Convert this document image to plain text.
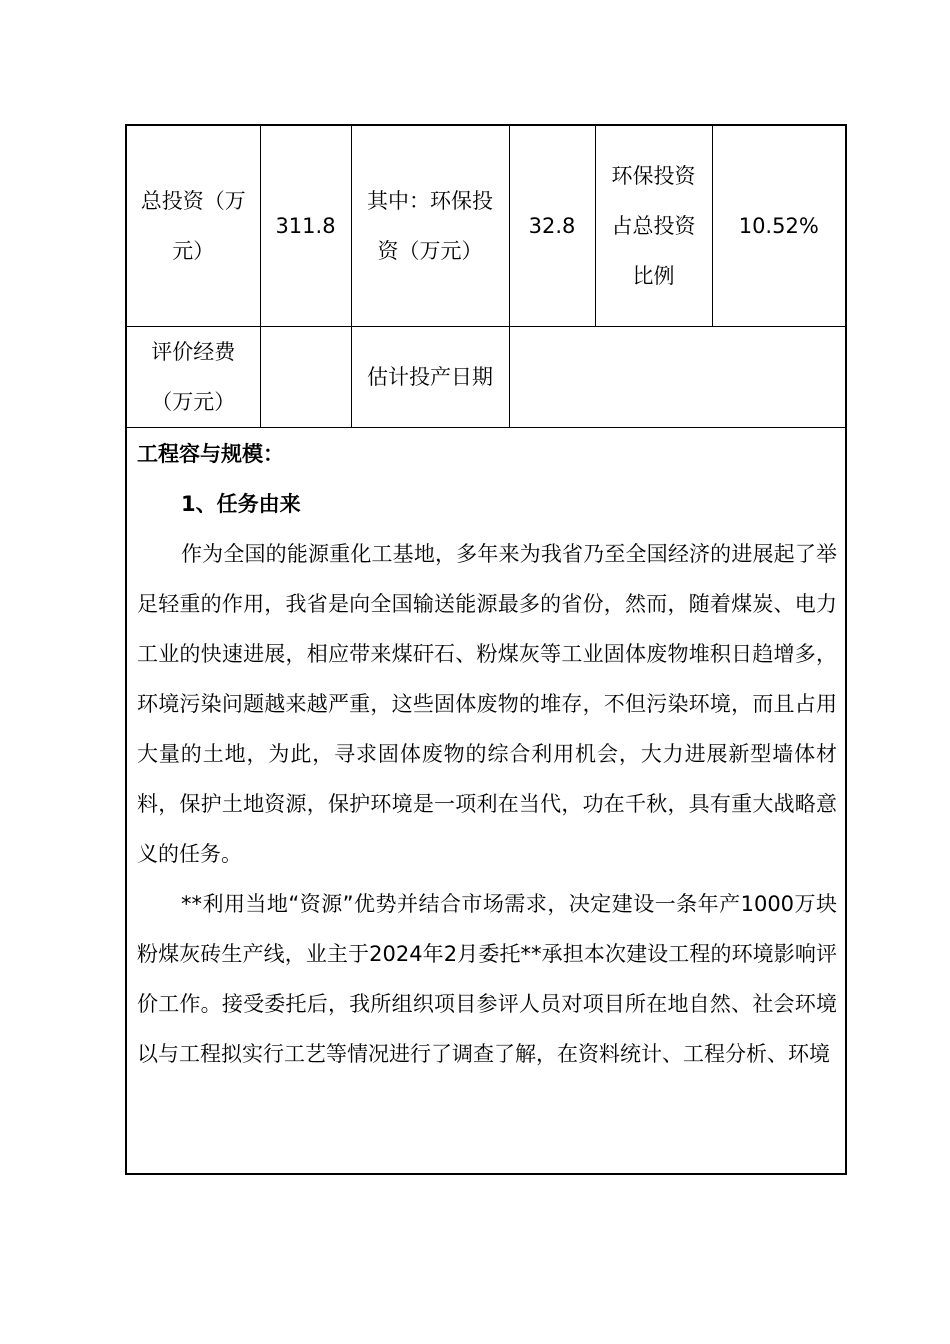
总投资（万元）	311.8	其中：环保投资（万元）	32.8	环保投资占总投资比例	10.52%

评价经费（万元）		估计投产日期			

工程容与规模：

1、任务由来

作为全国的能源重化工基地，多年来为我省乃至全国经济的进展起了举足轻重的作用，我省是向全国输送能源最多的省份，然而，随着煤炭、电力工业的快速进展，相应带来煤矸石、粉煤灰等工业固体废物堆积日趋增多，环境污染问题越来越严重，这些固体废物的堆存，不但污染环境，而且占用大量的土地，为此，寻求固体废物的综合利用机会，大力进展新型墙体材料，保护土地资源，保护环境是一项利在当代，功在千秋，具有重大战略意义的任务。

**利用当地“资源”优势并结合市场需求，决定建设一条年产1000万块粉煤灰砖生产线，业主于2024年2月委托**承担本次建设工程的环境影响评价工作。接受委托后，我所组织项目参评人员对项目所在地自然、社会环境以与工程拟实行工艺等情况进行了调查了解，在资料统计、工程分析、环境
